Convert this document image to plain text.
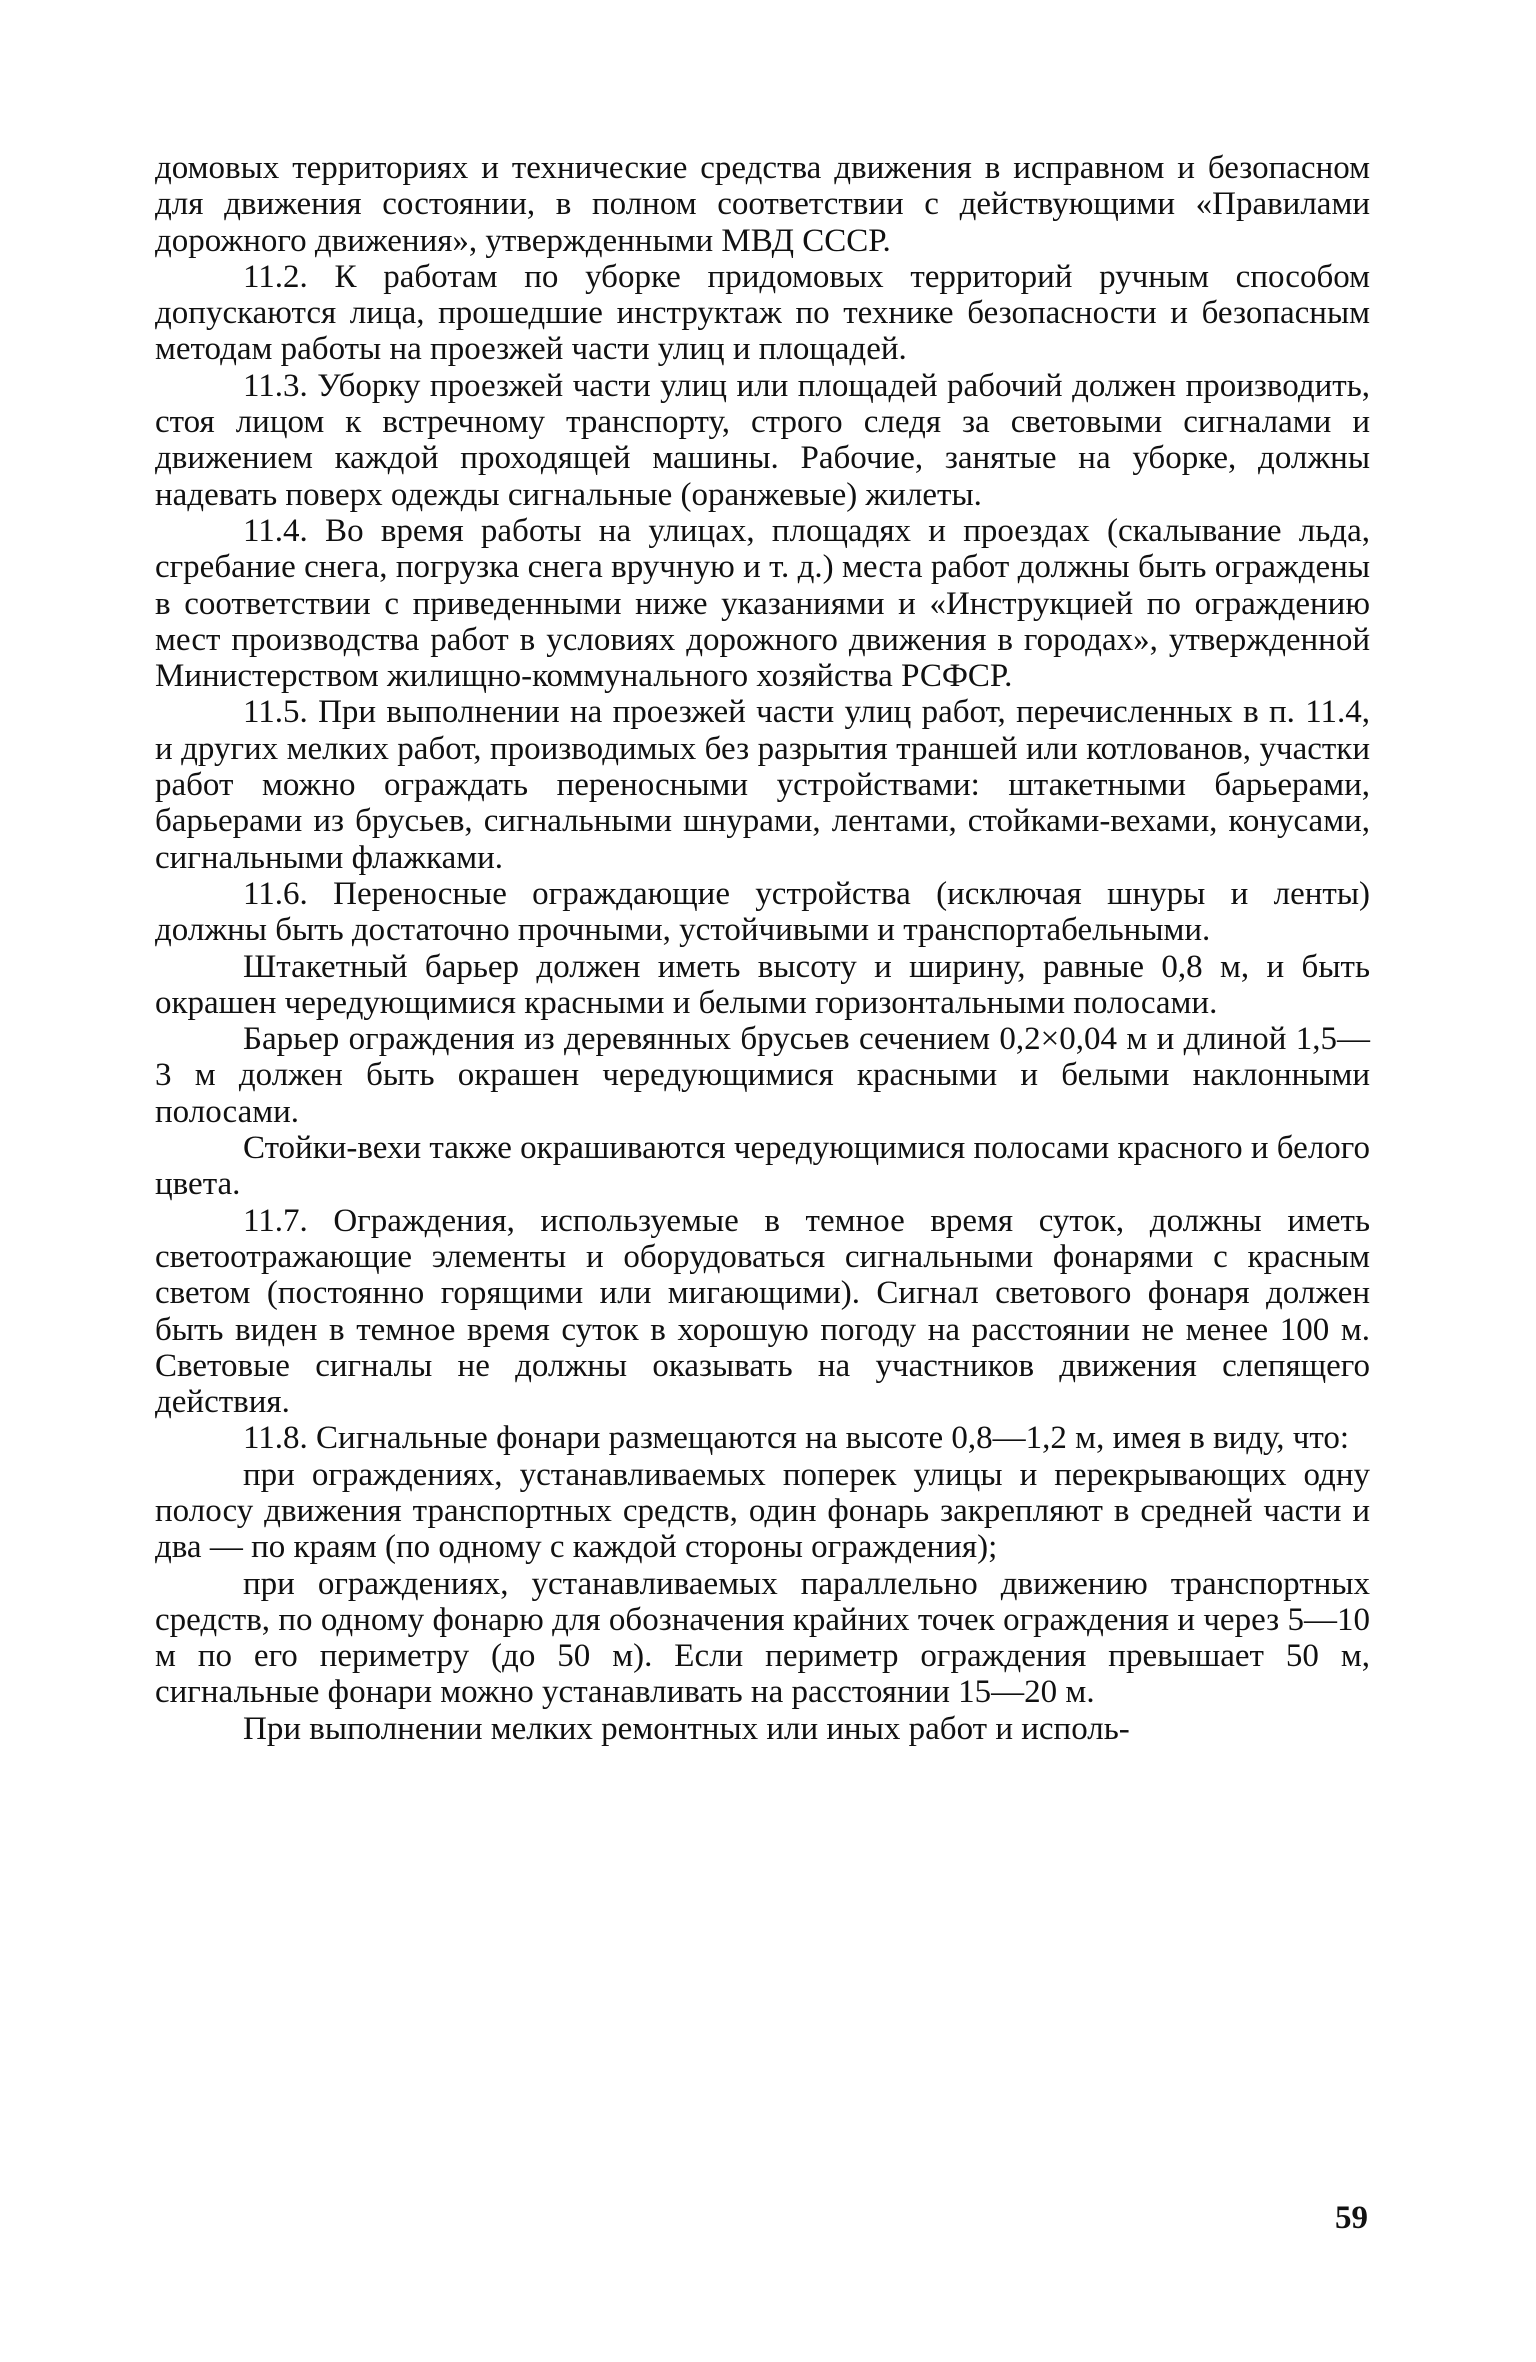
домовых территориях и технические средства движения в исправном и безопасном для движения состоянии, в полном соответствии с действующими «Правилами дорожного движения», утвержденными МВД СССР.

11.2. К работам по уборке придомовых территорий ручным способом допускаются лица, прошедшие инструктаж по технике безопасности и безопасным методам работы на проезжей части улиц и площадей.

11.3. Уборку проезжей части улиц или площадей рабочий должен производить, стоя лицом к встречному транспорту, строго следя за световыми сигналами и движением каждой проходящей машины. Рабочие, занятые на уборке, должны надевать поверх одежды сигнальные (оранжевые) жилеты.

11.4. Во время работы на улицах, площадях и проездах (скалывание льда, сгребание снега, погрузка снега вручную и т. д.) места работ должны быть ограждены в соответствии с приведенными ниже указаниями и «Инструкцией по ограждению мест производства работ в условиях дорожного движения в городах», утвержденной Министерством жилищно-коммунального хозяйства РСФСР.

11.5. При выполнении на проезжей части улиц работ, перечисленных в п. 11.4, и других мелких работ, производимых без разрытия траншей или котлованов, участки работ можно ограждать переносными устройствами: штакетными барьерами, барьерами из брусьев, сигнальными шнурами, лентами, стойками-вехами, конусами, сигнальными флажками.

11.6. Переносные ограждающие устройства (исключая шнуры и ленты) должны быть достаточно прочными, устойчивыми и транспортабельными.

Штакетный барьер должен иметь высоту и ширину, равные 0,8 м, и быть окрашен чередующимися красными и белыми горизонтальными полосами.

Барьер ограждения из деревянных брусьев сечением 0,2×0,04 м и длиной 1,5—3 м должен быть окрашен чередующимися красными и белыми наклонными полосами.

Стойки-вехи также окрашиваются чередующимися полосами красного и белого цвета.

11.7. Ограждения, используемые в темное время суток, должны иметь светоотражающие элементы и оборудоваться сигнальными фонарями с красным светом (постоянно горящими или мигающими). Сигнал светового фонаря должен быть виден в темное время суток в хорошую погоду на расстоянии не менее 100 м. Световые сигналы не должны оказывать на участников движения слепящего действия.

11.8. Сигнальные фонари размещаются на высоте 0,8—1,2 м, имея в виду, что:

при ограждениях, устанавливаемых поперек улицы и перекрывающих одну полосу движения транспортных средств, один фонарь закрепляют в средней части и два — по краям (по одному с каждой стороны ограждения);

при ограждениях, устанавливаемых параллельно движению транспортных средств, по одному фонарю для обозначения крайних точек ограждения и через 5—10 м по его периметру (до 50 м). Если периметр ограждения превышает 50 м, сигнальные фонари можно устанавливать на расстоянии 15—20 м.

При выполнении мелких ремонтных или иных работ и исполь-

59
